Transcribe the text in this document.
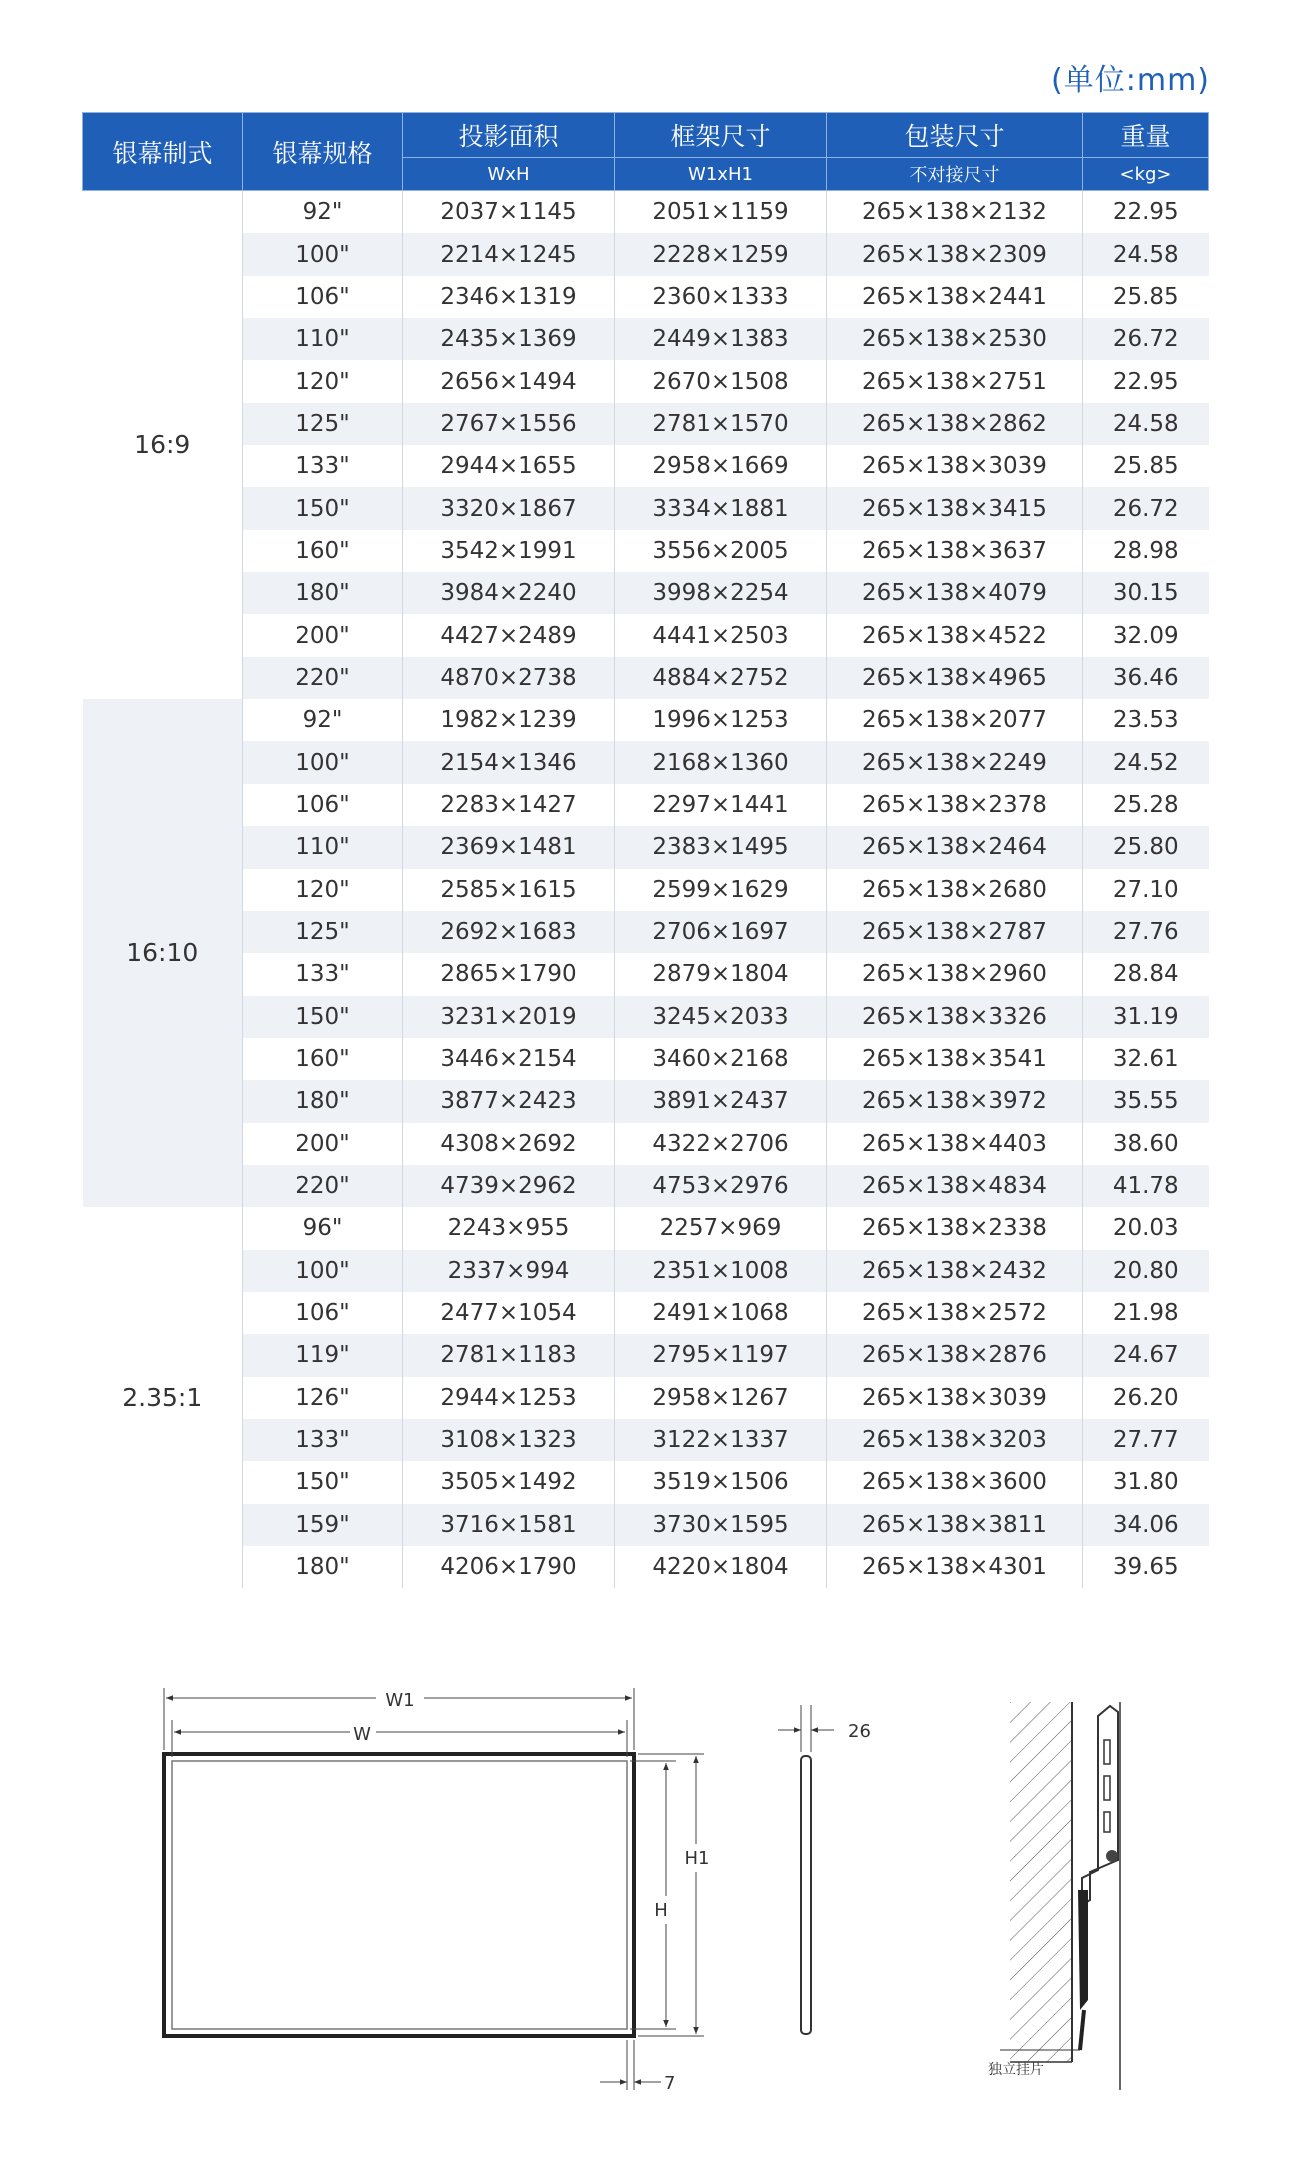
(单位:mm)
银幕制式	银幕规格	投影面积	框架尺寸	包装尺寸	重量
		WxH	W1xH1	不对接尺寸	<kg>
16:9	92"	2037×1145	2051×1159	265×138×2132	22.95
	100"	2214×1245	2228×1259	265×138×2309	24.58
	106"	2346×1319	2360×1333	265×138×2441	25.85
	110"	2435×1369	2449×1383	265×138×2530	26.72
	120"	2656×1494	2670×1508	265×138×2751	22.95
	125"	2767×1556	2781×1570	265×138×2862	24.58
	133"	2944×1655	2958×1669	265×138×3039	25.85
	150"	3320×1867	3334×1881	265×138×3415	26.72
	160"	3542×1991	3556×2005	265×138×3637	28.98
	180"	3984×2240	3998×2254	265×138×4079	30.15
	200"	4427×2489	4441×2503	265×138×4522	32.09
	220"	4870×2738	4884×2752	265×138×4965	36.46
16:10	92"	1982×1239	1996×1253	265×138×2077	23.53
	100"	2154×1346	2168×1360	265×138×2249	24.52
	106"	2283×1427	2297×1441	265×138×2378	25.28
	110"	2369×1481	2383×1495	265×138×2464	25.80
	120"	2585×1615	2599×1629	265×138×2680	27.10
	125"	2692×1683	2706×1697	265×138×2787	27.76
	133"	2865×1790	2879×1804	265×138×2960	28.84
	150"	3231×2019	3245×2033	265×138×3326	31.19
	160"	3446×2154	3460×2168	265×138×3541	32.61
	180"	3877×2423	3891×2437	265×138×3972	35.55
	200"	4308×2692	4322×2706	265×138×4403	38.60
	220"	4739×2962	4753×2976	265×138×4834	41.78
2.35:1	96"	2243×955	2257×969	265×138×2338	20.03
	100"	2337×994	2351×1008	265×138×2432	20.80
	106"	2477×1054	2491×1068	265×138×2572	21.98
	119"	2781×1183	2795×1197	265×138×2876	24.67
	126"	2944×1253	2958×1267	265×138×3039	26.20
	133"	3108×1323	3122×1337	265×138×3203	27.77
	150"	3505×1492	3519×1506	265×138×3600	31.80
	159"	3716×1581	3730×1595	265×138×3811	34.06
	180"	4206×1790	4220×1804	265×138×4301	39.65
W1
W
H1
H
7
26
独立挂片
